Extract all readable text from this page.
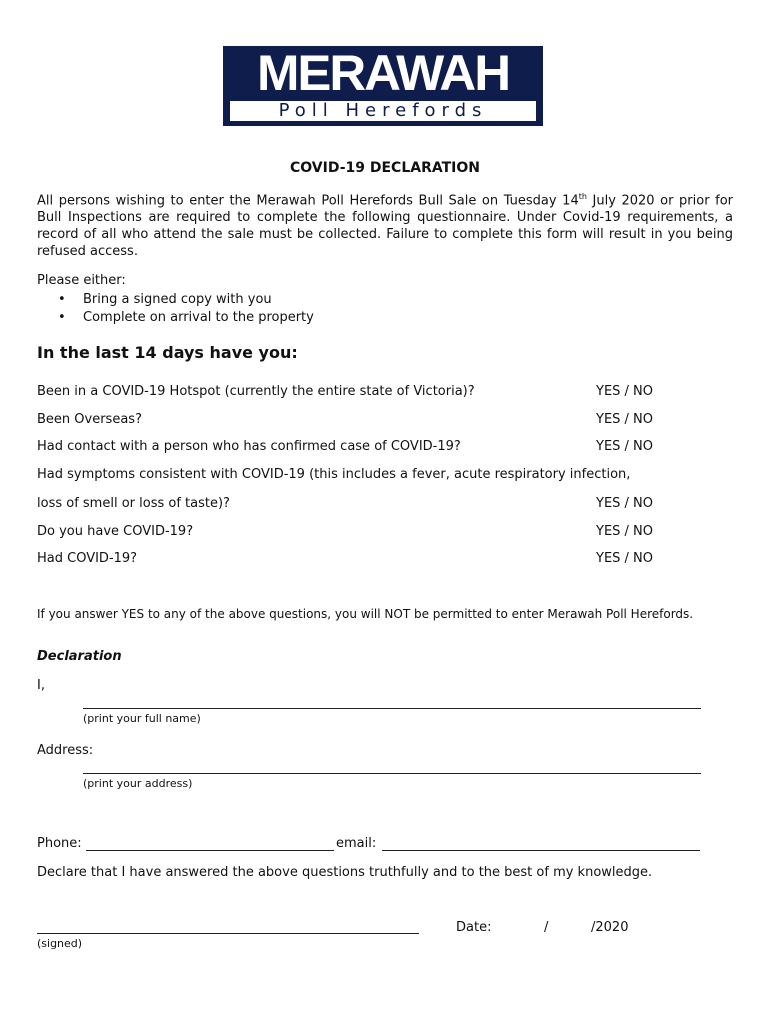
MERAWAH
Poll Herefords

COVID-19 DECLARATION

All persons wishing to enter the Merawah Poll Herefords Bull Sale on Tuesday 14th July 2020 or prior for Bull Inspections are required to complete the following questionnaire. Under Covid-19 requirements, a record of all who attend the sale must be collected. Failure to complete this form will result in you being refused access.

Please either:

• Bring a signed copy with you
• Complete on arrival to the property

In the last 14 days have you:

Been in a COVID-19 Hotspot (currently the entire state of Victoria)?	YES / NO

Been Overseas?	YES / NO

Had contact with a person who has confirmed case of COVID-19?	YES / NO

Had symptoms consistent with COVID-19 (this includes a fever, acute respiratory infection,

loss of smell or loss of taste)?	YES / NO

Do you have COVID-19?	YES / NO

Had COVID-19?	YES / NO

If you answer YES to any of the above questions, you will NOT be permitted to enter Merawah Poll Herefords.

Declaration

I,

(print your full name)

Address:

(print your address)

Phone:	email:

Declare that I have answered the above questions truthfully and to the best of my knowledge.

(signed)

Date:	/	/2020
